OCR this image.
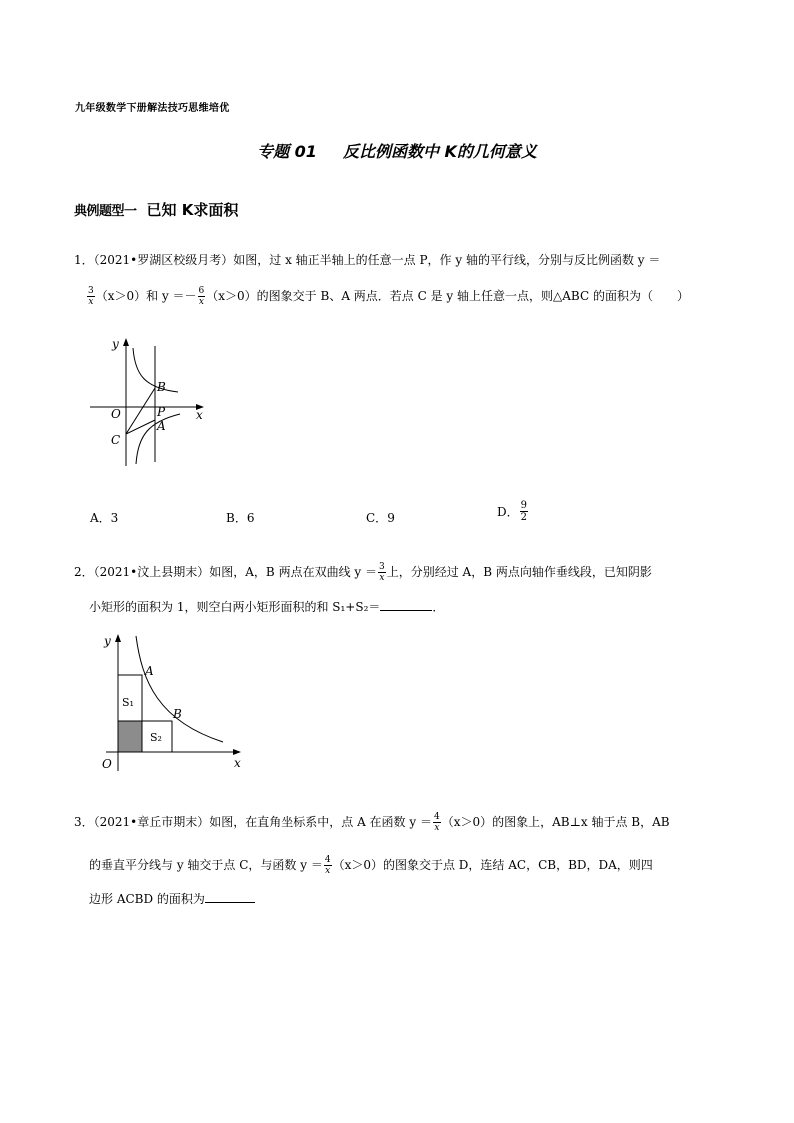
九年级数学下册解法技巧思维培优
专题 01 反比例函数中 K的几何意义
典例题型一 已知 K求面积
1．（2021•罗湖区校级月考）如图，过 x 轴正半轴上的任意一点 P，作 y 轴的平行线，分别与反比例函数 y ＝
$\frac{3}{x} (x>0)$和 $y =- \frac{6}{x} (x>0)$的图象交于 B、A 两点．若点 C 是 y 轴上任意一点，则△ABC 的面积为（　　）
y
x
O
B
P
A
C
A．3	B．6	C．9	D． $\frac{9}{2}$
2．（2021•汶上县期末）如图，A，B 两点在双曲线 $y = \frac{3}{x}$ 上，分别经过 A，B 两点向轴作垂线段，已知阴影
小矩形的面积为 1，则空白两小矩形面积的和 S₁+S₂＝	．
y
x
O
A
B
S₁
S₂
3．（2021•章丘市期末）如图，在直角坐标系中，点 A 在函数 $y = \frac{4}{x} (x>0)$的图象上，AB⊥x 轴于点 B，AB
的垂直平分线与 y 轴交于点 C，与函数 $y = \frac{4}{x} (x>0)$的图象交于点 D，连结 AC，CB，BD，DA，则四
边形 ACBD 的面积为
